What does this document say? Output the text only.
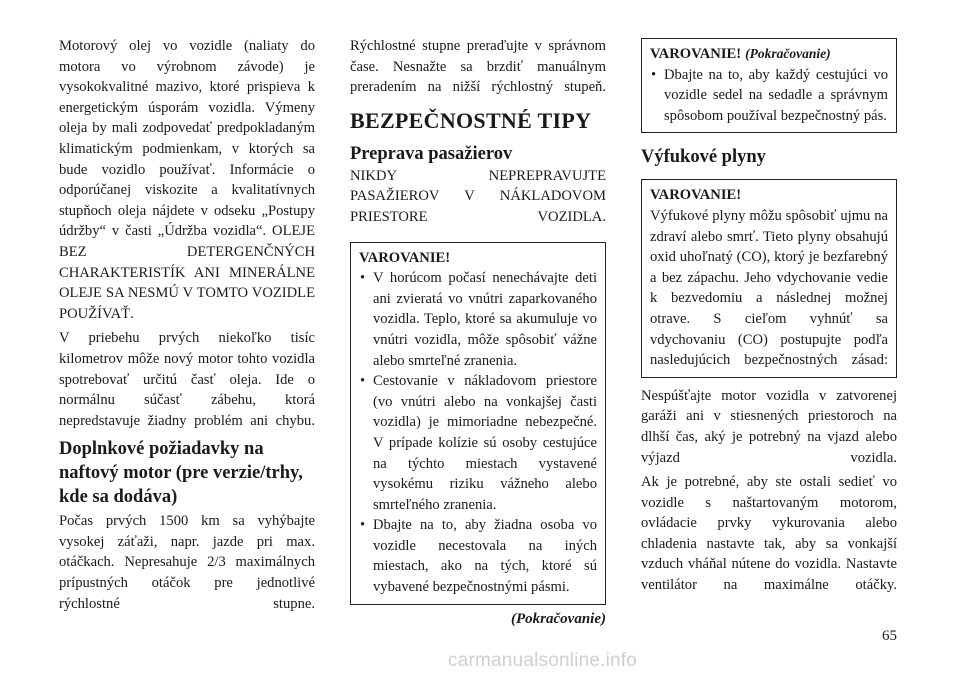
Motorový olej vo vozidle (naliaty do motora vo výrobnom závode) je vysokokvalitné mazivo, ktoré prispieva k energetickým úsporám vozidla. Výmeny oleja by mali zodpovedať predpokladaným klimatickým podmienkam, v ktorých sa bude vozidlo používať. Informácie o odporúčanej viskozite a kvalitatívnych stupňoch oleja nájdete v odseku „Postupy údržby“ v časti „Údržba vozidla“. OLEJE BEZ DETERGENČNÝCH CHARAKTERISTÍK ANI MINERÁLNE OLEJE SA NESMÚ V TOMTO VOZIDLE POUŽÍVAŤ.

V priebehu prvých niekoľko tisíc kilometrov môže nový motor tohto vozidla spotrebovať určitú časť oleja. Ide o normálnu súčasť zábehu, ktorá nepredstavuje žiadny problém ani chybu.

Doplnkové požiadavky na naftový motor (pre verzie/trhy, kde sa dodáva)

Počas prvých 1500 km sa vyhýbajte vysokej záťaži, napr. jazde pri max. otáčkach. Nepresahuje 2/3 maximálnych prípustných otáčok pre jednotlivé rýchlostné stupne.

Rýchlostné stupne preraďujte v správnom čase. Nesnažte sa brzdiť manuálnym preradením na nižší rýchlostný stupeň.

BEZPEČNOSTNÉ TIPY
Preprava pasažierov

NIKDY NEPREPRAVUJTE PASAŽIEROV V NÁKLADOVOM PRIESTORE VOZIDLA.

VAROVANIE!
• V horúcom počasí nenechávajte deti ani zvieratá vo vnútri zaparkovaného vozidla. Teplo, ktoré sa akumuluje vo vnútri vozidla, môže spôsobiť vážne alebo smrteľné zranenia.
• Cestovanie v nákladovom priestore (vo vnútri alebo na vonkajšej časti vozidla) je mimoriadne nebezpečné. V prípade kolízie sú osoby cestujúce na týchto miestach vystavené vysokému riziku vážneho alebo smrteľného zranenia.
• Dbajte na to, aby žiadna osoba vo vozidle necestovala na iných miestach, ako na tých, ktoré sú vybavené bezpečnostnými pásmi.
(Pokračovanie)
VAROVANIE! (Pokračovanie)
• Dbajte na to, aby každý cestujúci vo vozidle sedel na sedadle a správnym spôsobom používal bezpečnostný pás.
Výfukové plyny
VAROVANIE!

Výfukové plyny môžu spôsobiť ujmu na zdraví alebo smrť. Tieto plyny obsahujú oxid uhoľnatý (CO), ktorý je bezfarebný a bez zápachu. Jeho vdychovanie vedie k bezvedomiu a následnej možnej otrave. S cieľom vyhnúť sa vdychovaniu (CO) postupujte podľa nasledujúcich bezpečnostných zásad:

Nespúšťajte motor vozidla v zatvorenej garáži ani v stiesnených priestoroch na dlhší čas, aký je potrebný na vjazd alebo výjazd vozidla.

Ak je potrebné, aby ste ostali sedieť vo vozidle s naštartovaným motorom, ovládacie prvky vykurovania alebo chladenia nastavte tak, aby sa vonkajší vzduch vháňal nútene do vozidla. Nastavte ventilátor na maximálne otáčky.

65
carmanualsonline.info
